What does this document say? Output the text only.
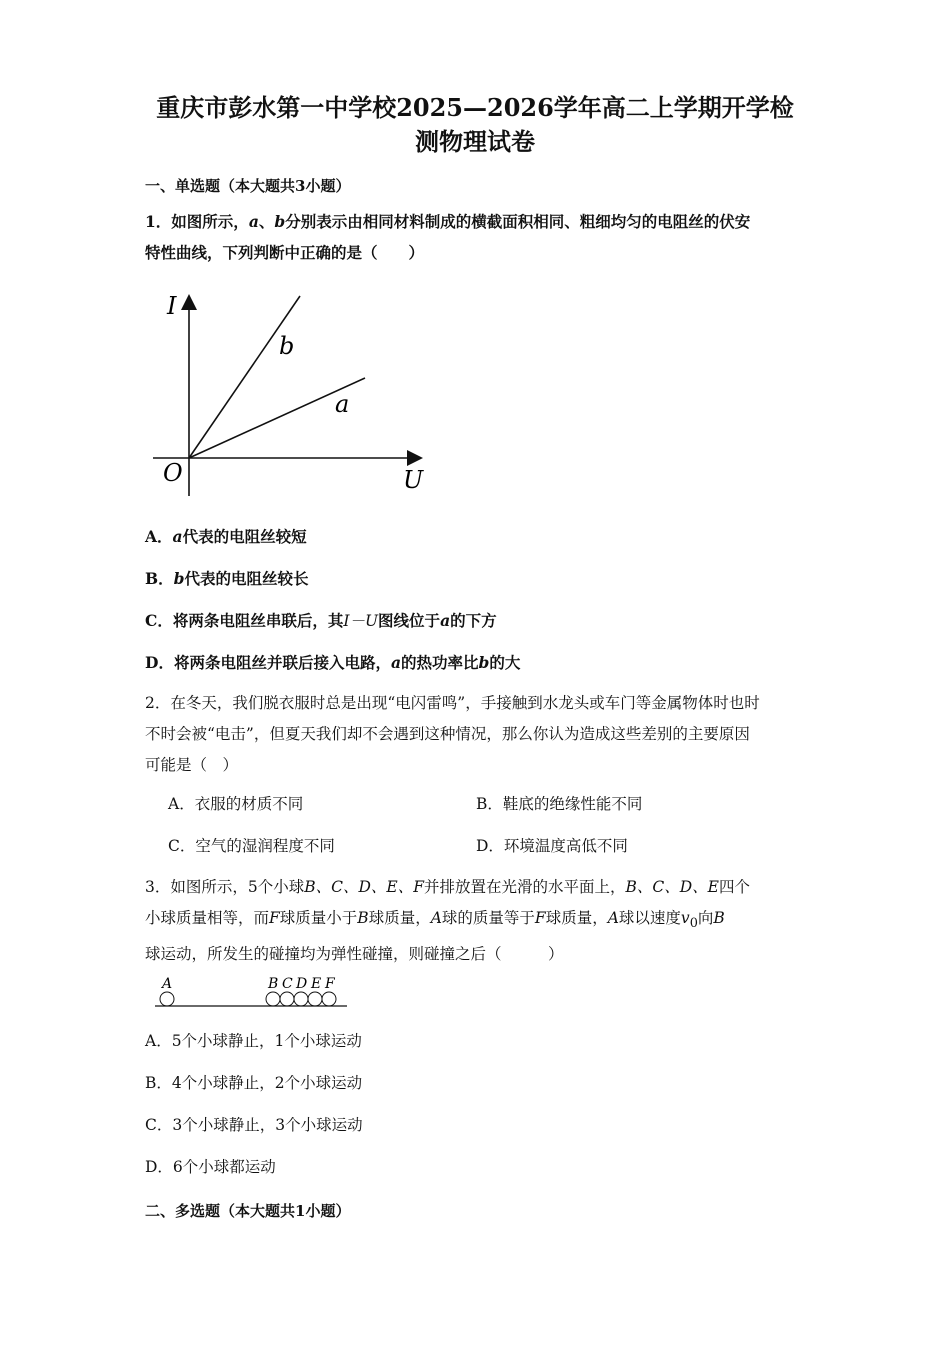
重庆市彭水第一中学校2025—2026学年高二上学期开学检
测物理试卷
一、单选题（本大题共3小题）
1．如图所示，a、b分别表示由相同材料制成的横截面积相同、粗细均匀的电阻丝的伏安
特性曲线，下列判断中正确的是（　　）
I
U
O
b
a
A．a代表的电阻丝较短
B．b代表的电阻丝较长
C．将两条电阻丝串联后，其I－U图线位于a的下方
D．将两条电阻丝并联后接入电路，a的热功率比b的大
2．在冬天，我们脱衣服时总是出现“电闪雷鸣”，手接触到水龙头或车门等金属物体时也时
不时会被“电击”，但夏天我们却不会遇到这种情况，那么你认为造成这些差别的主要原因
可能是（　）
A．衣服的材质不同	B．鞋底的绝缘性能不同
C．空气的湿润程度不同	D．环境温度高低不同
3．如图所示，5个小球B、C、D、E、F并排放置在光滑的水平面上，B、C、D、E四个
小球质量相等，而F球质量小于B球质量，A球的质量等于F球质量，A球以速度$v_0$向B
球运动，所发生的碰撞均为弹性碰撞，则碰撞之后（　　　）
A	B C D E F
A．5个小球静止，1个小球运动
B．4个小球静止，2个小球运动
C．3个小球静止，3个小球运动
D．6个小球都运动
二、多选题（本大题共1小题）
